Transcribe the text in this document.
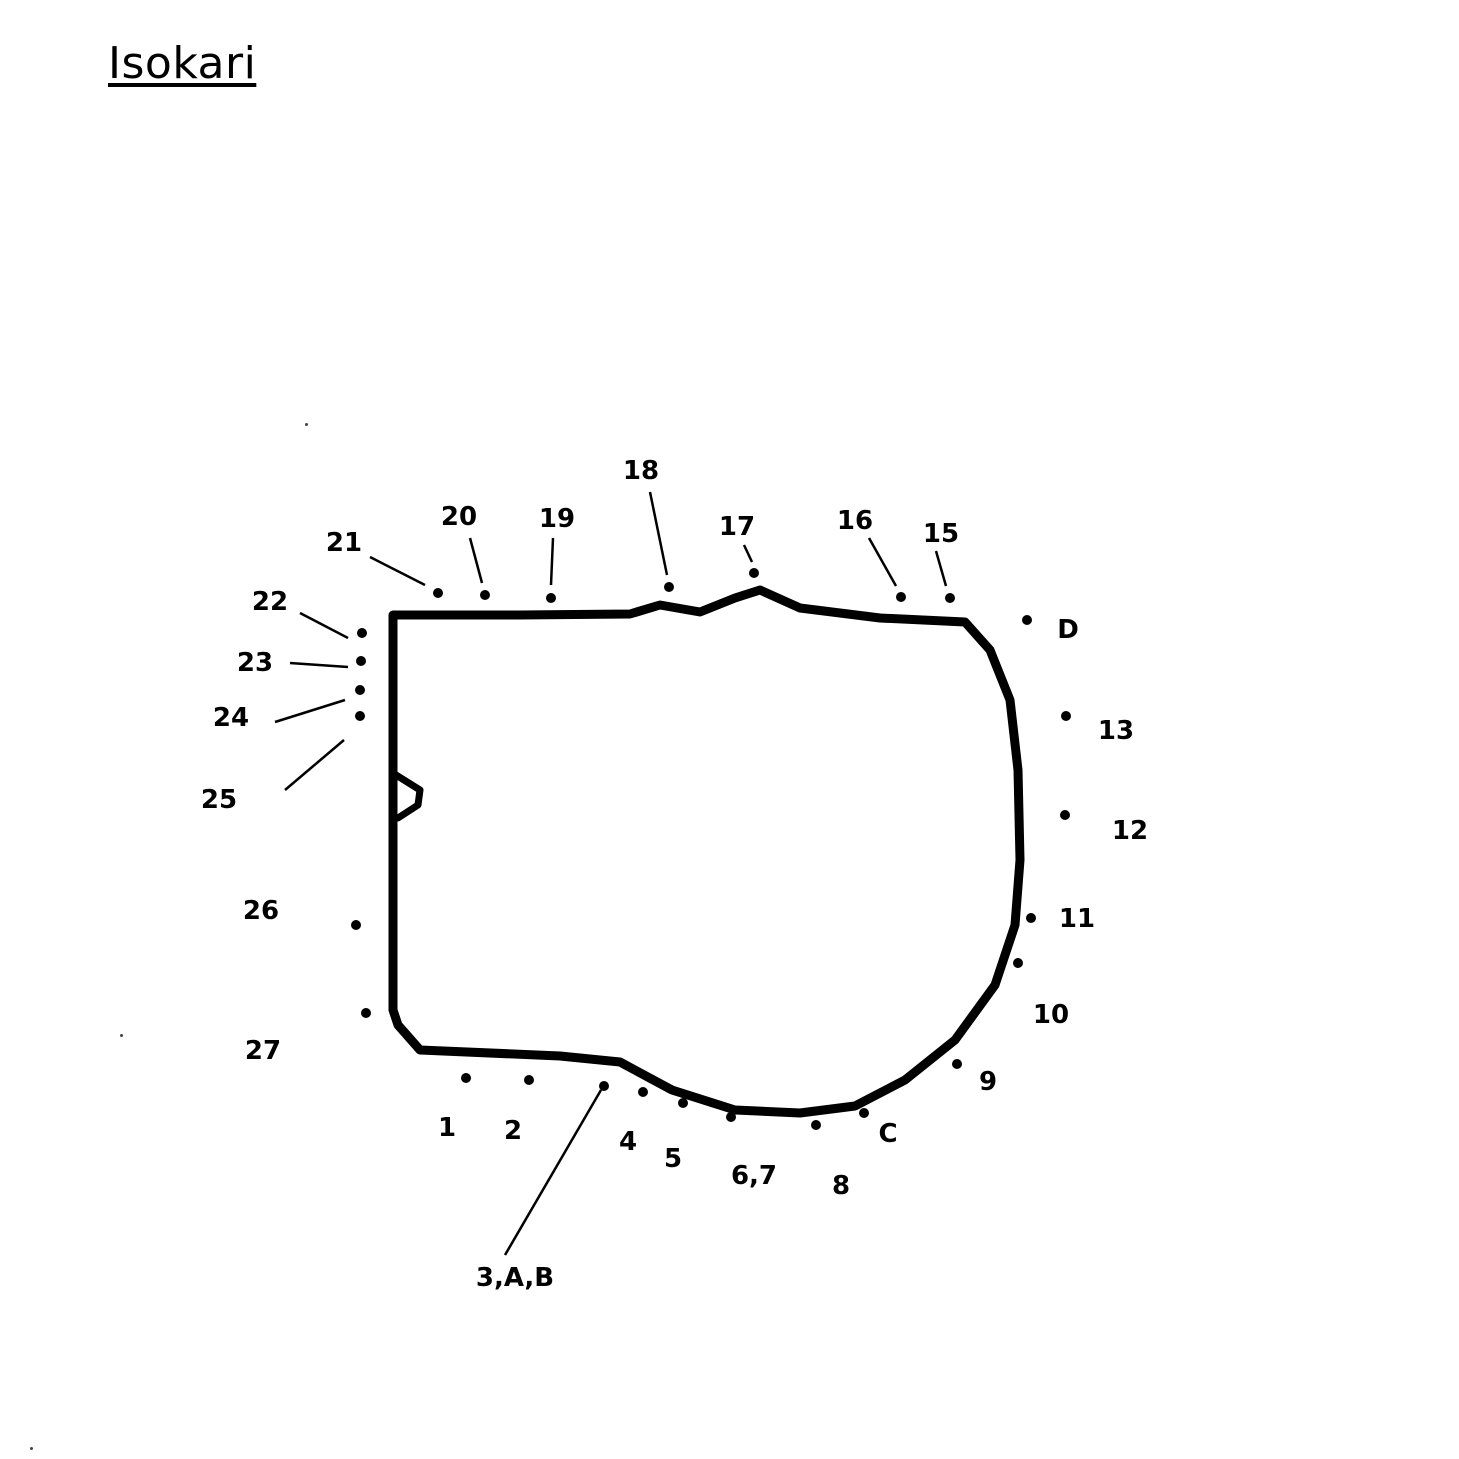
Isokari
1 2
3,A,B
4
5
6,7 8
C
9
10
11
12
13
D
15
16
17
18
19
20
21
22
23
24
25
26
27
